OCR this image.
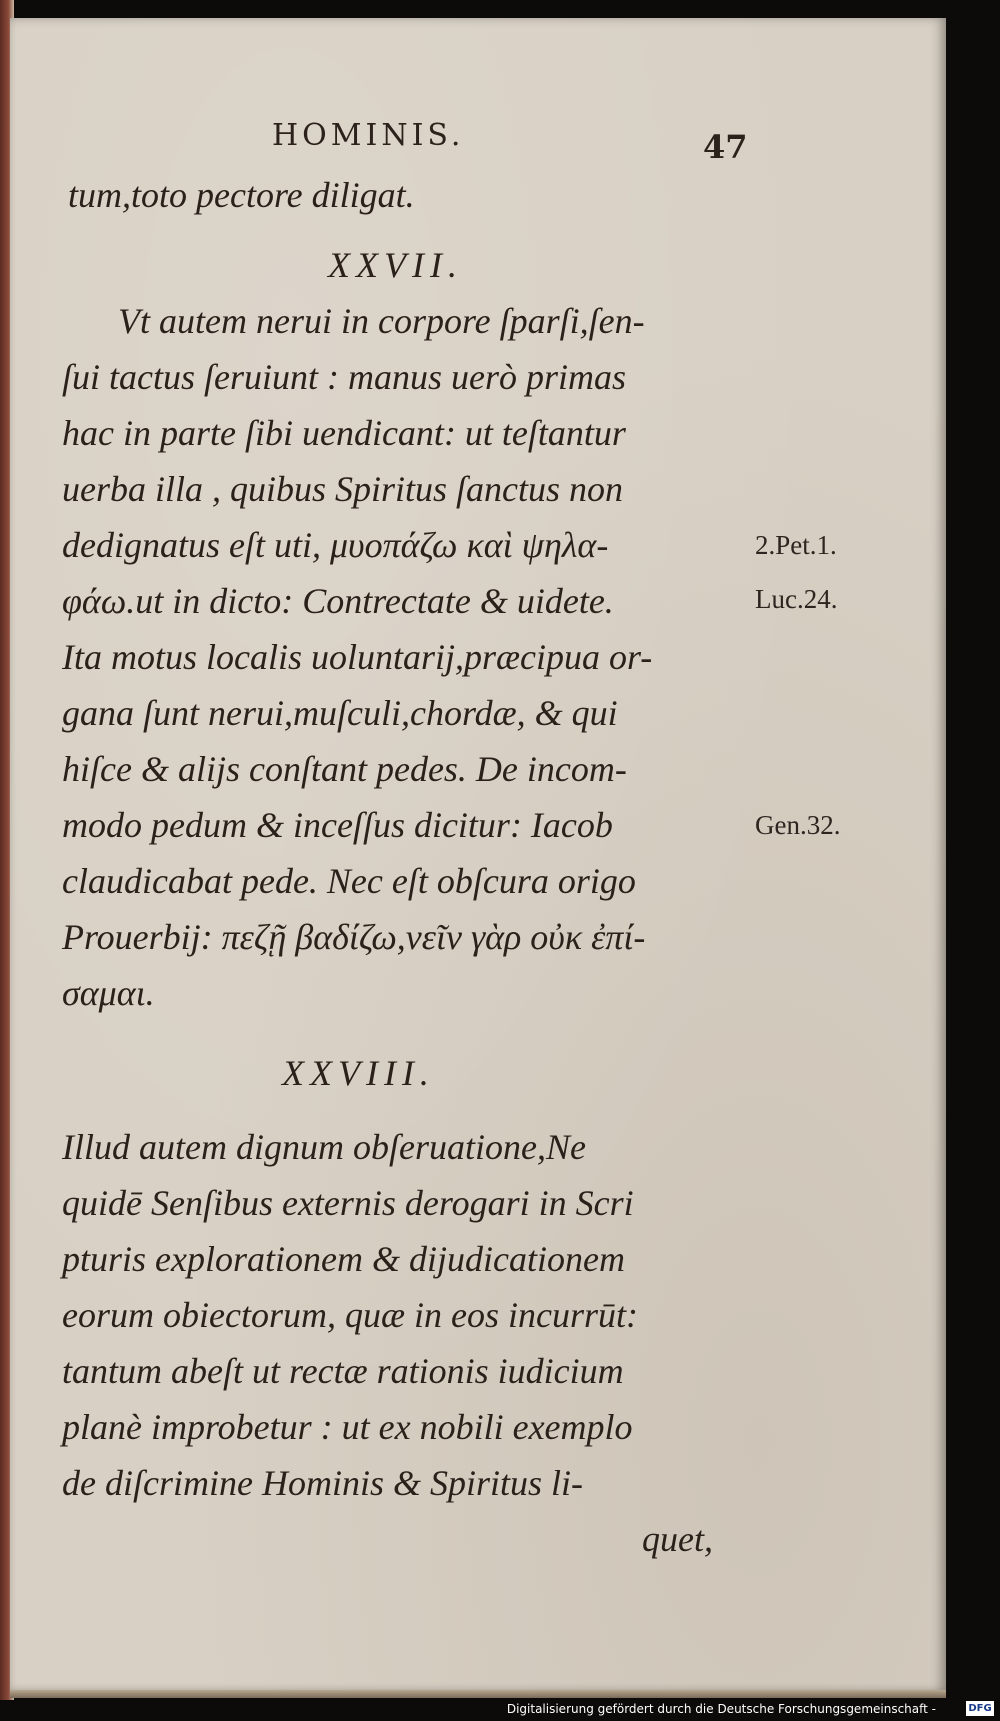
HOMINIS.	47
tum,toto pectore diligat.
XXVII.
Vt autem nerui in corpore ſparſi,ſen-
ſui tactus ſeruiunt : manus uerò primas
hac in parte ſibi uendicant: ut teſtantur
uerba illa , quibus Spiritus ſanctus non
dedignatus eſt uti, μυοπάζω καὶ ψηλα-
φάω.ut in dicto: Contrectate & uidete.
Ita motus localis uoluntarij,præcipua or-
gana ſunt nerui,muſculi,chordæ, & qui
hiſce & alijs conſtant pedes. De incom-
modo pedum & inceſſus dicitur: Iacob
claudicabat pede. Nec eſt obſcura origo
Prouerbij: πεζῇ βαδίζω,νεῖν γὰρ οὐκ ἐπί-
σαμαι.
XXVIII.
Illud autem dignum obſeruatione,Ne
quidē Senſibus externis derogari in Scri
pturis explorationem & dijudicationem
eorum obiectorum, quæ in eos incurrūt:
tantum abeſt ut rectæ rationis iudicium
planè improbetur : ut ex nobili exemplo
de diſcrimine Hominis & Spiritus li-
quet,
2.Pet.1.
Luc.24.
Gen.32.
Digitalisierung gefördert durch die Deutsche Forschungsgemeinschaft -	DFG
